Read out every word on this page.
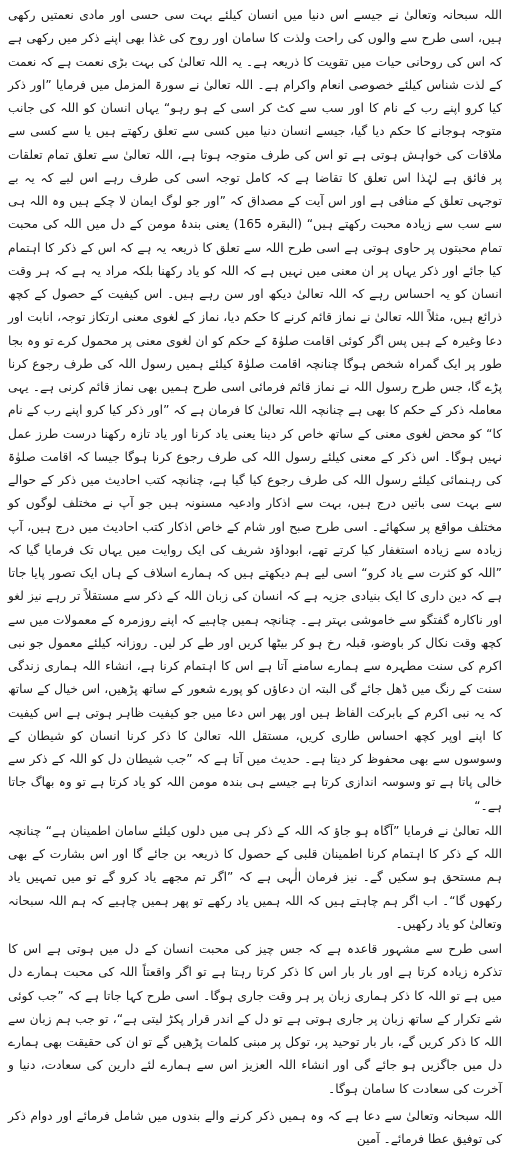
اللہ سبحانہ وتعالیٰ نے جیسے اس دنیا میں انسان کیلئے بہت سی حسی اور مادی نعمتیں رکھی ہیں، اسی طرح سے والوں کی راحت ولذت کا سامان اور روح کی غذا بھی اپنے ذکر میں رکھی ہے کہ اس کی روحانی حیات میں تقویت کا ذریعہ ہے۔ یہ اللہ تعالیٰ کی بہت بڑی نعمت ہے کہ نعمت کے لذت شناس کیلئے خصوصی انعام واکرام ہے۔ اللہ تعالیٰ نے سورۃ المزمل میں فرمایا ”اور ذکر کیا کرو اپنے رب کے نام کا اور سب سے کٹ کر اسی کے ہو رہو“ یہاں انسان کو اللہ کی جانب متوجہ ہوجانے کا حکم دیا گیا، جیسے انسان دنیا میں کسی سے تعلق رکھتے ہیں یا سے کسی سے ملاقات کی خواہش ہوتی ہے تو اس کی طرف متوجہ ہوتا ہے، اللہ تعالیٰ سے تعلق تمام تعلقات پر فائق ہے لہٰذا اس تعلق کا تقاضا ہے کہ کامل توجہ اسی کی طرف رہے اس لیے کہ یہ بے توجہی تعلق کے منافی ہے اور اس آیت کے مصداق کہ ”اور جو لوگ ایمان لا چکے ہیں وہ اللہ ہی سے سب سے زیادہ محبت رکھتے ہیں“ (البقرہ 165) یعنی بندۂ مومن کے دل میں اللہ کی محبت تمام محبتوں پر حاوی ہوتی ہے اسی طرح اللہ سے تعلق کا ذریعہ یہ ہے کہ اس کے ذکر کا اہتمام کیا جائے اور ذکر یہاں پر ان معنی میں نہیں ہے کہ اللہ کو یاد رکھنا بلکہ مراد یہ ہے کہ ہر وقت انسان کو یہ احساس رہے کہ اللہ تعالیٰ دیکھ اور سن رہے ہیں۔ اس کیفیت کے حصول کے کچھ ذرائع ہیں، مثلاً اللہ تعالیٰ نے نماز قائم کرنے کا حکم دیا، نماز کے لغوی معنی ارتکاز توجہ، انابت اور دعا وغیرہ کے ہیں پس اگر کوئی اقامت صلوٰۃ کے حکم کو ان لغوی معنی پر محمول کرے تو وہ بجا طور پر ایک گمراہ شخص ہوگا چنانچہ اقامت صلوٰۃ کیلئے ہمیں رسول اللہ کی طرف رجوع کرنا پڑے گا، جس طرح رسول اللہ نے نماز قائم فرمائی اسی طرح ہمیں بھی نماز قائم کرنی ہے۔ یہی معاملہ ذکر کے حکم کا بھی ہے چنانچہ اللہ تعالیٰ کا فرمان ہے کہ ”اور ذکر کیا کرو اپنے رب کے نام کا“ کو محض لغوی معنی کے ساتھ خاص کر دینا یعنی یاد کرنا اور یاد تازہ رکھنا درست طرز عمل نہیں ہوگا۔ اس ذکر کے معنی کیلئے رسول اللہ کی طرف رجوع کرنا ہوگا جیسا کہ اقامت صلوٰۃ کی رہنمائی کیلئے رسول اللہ کی طرف رجوع کیا گیا ہے، چنانچہ کتب احادیث میں ذکر کے حوالے سے بہت سی باتیں درج ہیں، بہت سے اذکار وادعیہ مسنونہ ہیں جو آپ نے مختلف لوگوں کو مختلف مواقع پر سکھائے۔ اسی طرح صبح اور شام کے خاص اذکار کتب احادیث میں درج ہیں، آپ زیادہ سے زیادہ استغفار کیا کرتے تھے، ابوداؤد شریف کی ایک روایت میں یہاں تک فرمایا گیا کہ ”اللہ کو کثرت سے یاد کرو“ اسی لیے ہم دیکھتے ہیں کہ ہمارے اسلاف کے ہاں ایک تصور پایا جاتا ہے کہ دین داری کا ایک بنیادی جزیہ ہے کہ انسان کی زبان اللہ کے ذکر سے مستقلاً تر رہے نیز لغو اور ناکارہ گفتگو سے خاموشی بہتر ہے۔ چنانچہ ہمیں چاہیے کہ اپنے روزمرہ کے معمولات میں سے کچھ وقت نکال کر باوضو، قبلہ رخ ہو کر بیٹھا کریں اور طے کر لیں۔ روزانہ کیلئے معمول جو نبی اکرم کی سنت مطہرہ سے ہمارے سامنے آتا ہے اس کا اہتمام کرنا ہے، انشاء اللہ ہماری زندگی سنت کے رنگ میں ڈھل جائے گی البتہ ان دعاؤں کو پورے شعور کے ساتھ پڑھیں، اس خیال کے ساتھ کہ یہ نبی اکرم کے بابرکت الفاظ ہیں اور پھر اس دعا میں جو کیفیت ظاہر ہوتی ہے اس کیفیت کا اپنے اوپر کچھ احساس طاری کریں، مستقل اللہ تعالیٰ کا ذکر کرنا انسان کو شیطان کے وسوسوں سے بھی محفوظ کر دیتا ہے۔ حدیث میں آتا ہے کہ ”جب شیطان دل کو اللہ کے ذکر سے خالی پاتا ہے تو وسوسہ اندازی کرتا ہے جیسے ہی بندہ مومن اللہ کو یاد کرتا ہے تو وہ بھاگ جاتا ہے۔“

اللہ تعالیٰ نے فرمایا ”آگاہ ہو جاؤ کہ اللہ کے ذکر ہی میں دلوں کیلئے سامان اطمینان ہے“ چنانچہ اللہ کے ذکر کا اہتمام کرنا اطمینان قلبی کے حصول کا ذریعہ بن جائے گا اور اس بشارت کے بھی ہم مستحق ہو سکیں گے۔ نیز فرمان الٰہی ہے کہ ”اگر تم مجھے یاد کرو گے تو میں تمہیں یاد رکھوں گا“۔ اب اگر ہم چاہتے ہیں کہ اللہ ہمیں یاد رکھے تو پھر ہمیں چاہیے کہ ہم اللہ سبحانہ وتعالیٰ کو یاد رکھیں۔

اسی طرح سے مشہور قاعدہ ہے کہ جس چیز کی محبت انسان کے دل میں ہوتی ہے اس کا تذکرہ زیادہ کرتا ہے اور بار بار اس کا ذکر کرتا رہتا ہے تو اگر واقعتاً اللہ کی محبت ہمارے دل میں ہے تو اللہ کا ذکر ہماری زبان پر ہر وقت جاری ہوگا۔ اسی طرح کہا جاتا ہے کہ ”جب کوئی شے تکرار کے ساتھ زبان پر جاری ہوتی ہے تو دل کے اندر قرار پکڑ لیتی ہے“، تو جب ہم زبان سے اللہ کا ذکر کریں گے، بار بار توحید پر، توکل پر مبنی کلمات پڑھیں گے تو ان کی حقیقت بھی ہمارے دل میں جاگزیں ہو جائے گی اور انشاء اللہ العزیز اس سے ہمارے لئے دارین کی سعادت، دنیا و آخرت کی سعادت کا سامان ہوگا۔

اللہ سبحانہ وتعالیٰ سے دعا ہے کہ وہ ہمیں ذکر کرنے والے بندوں میں شامل فرمائے اور دوام ذکر کی توفیق عطا فرمائے۔ آمین
